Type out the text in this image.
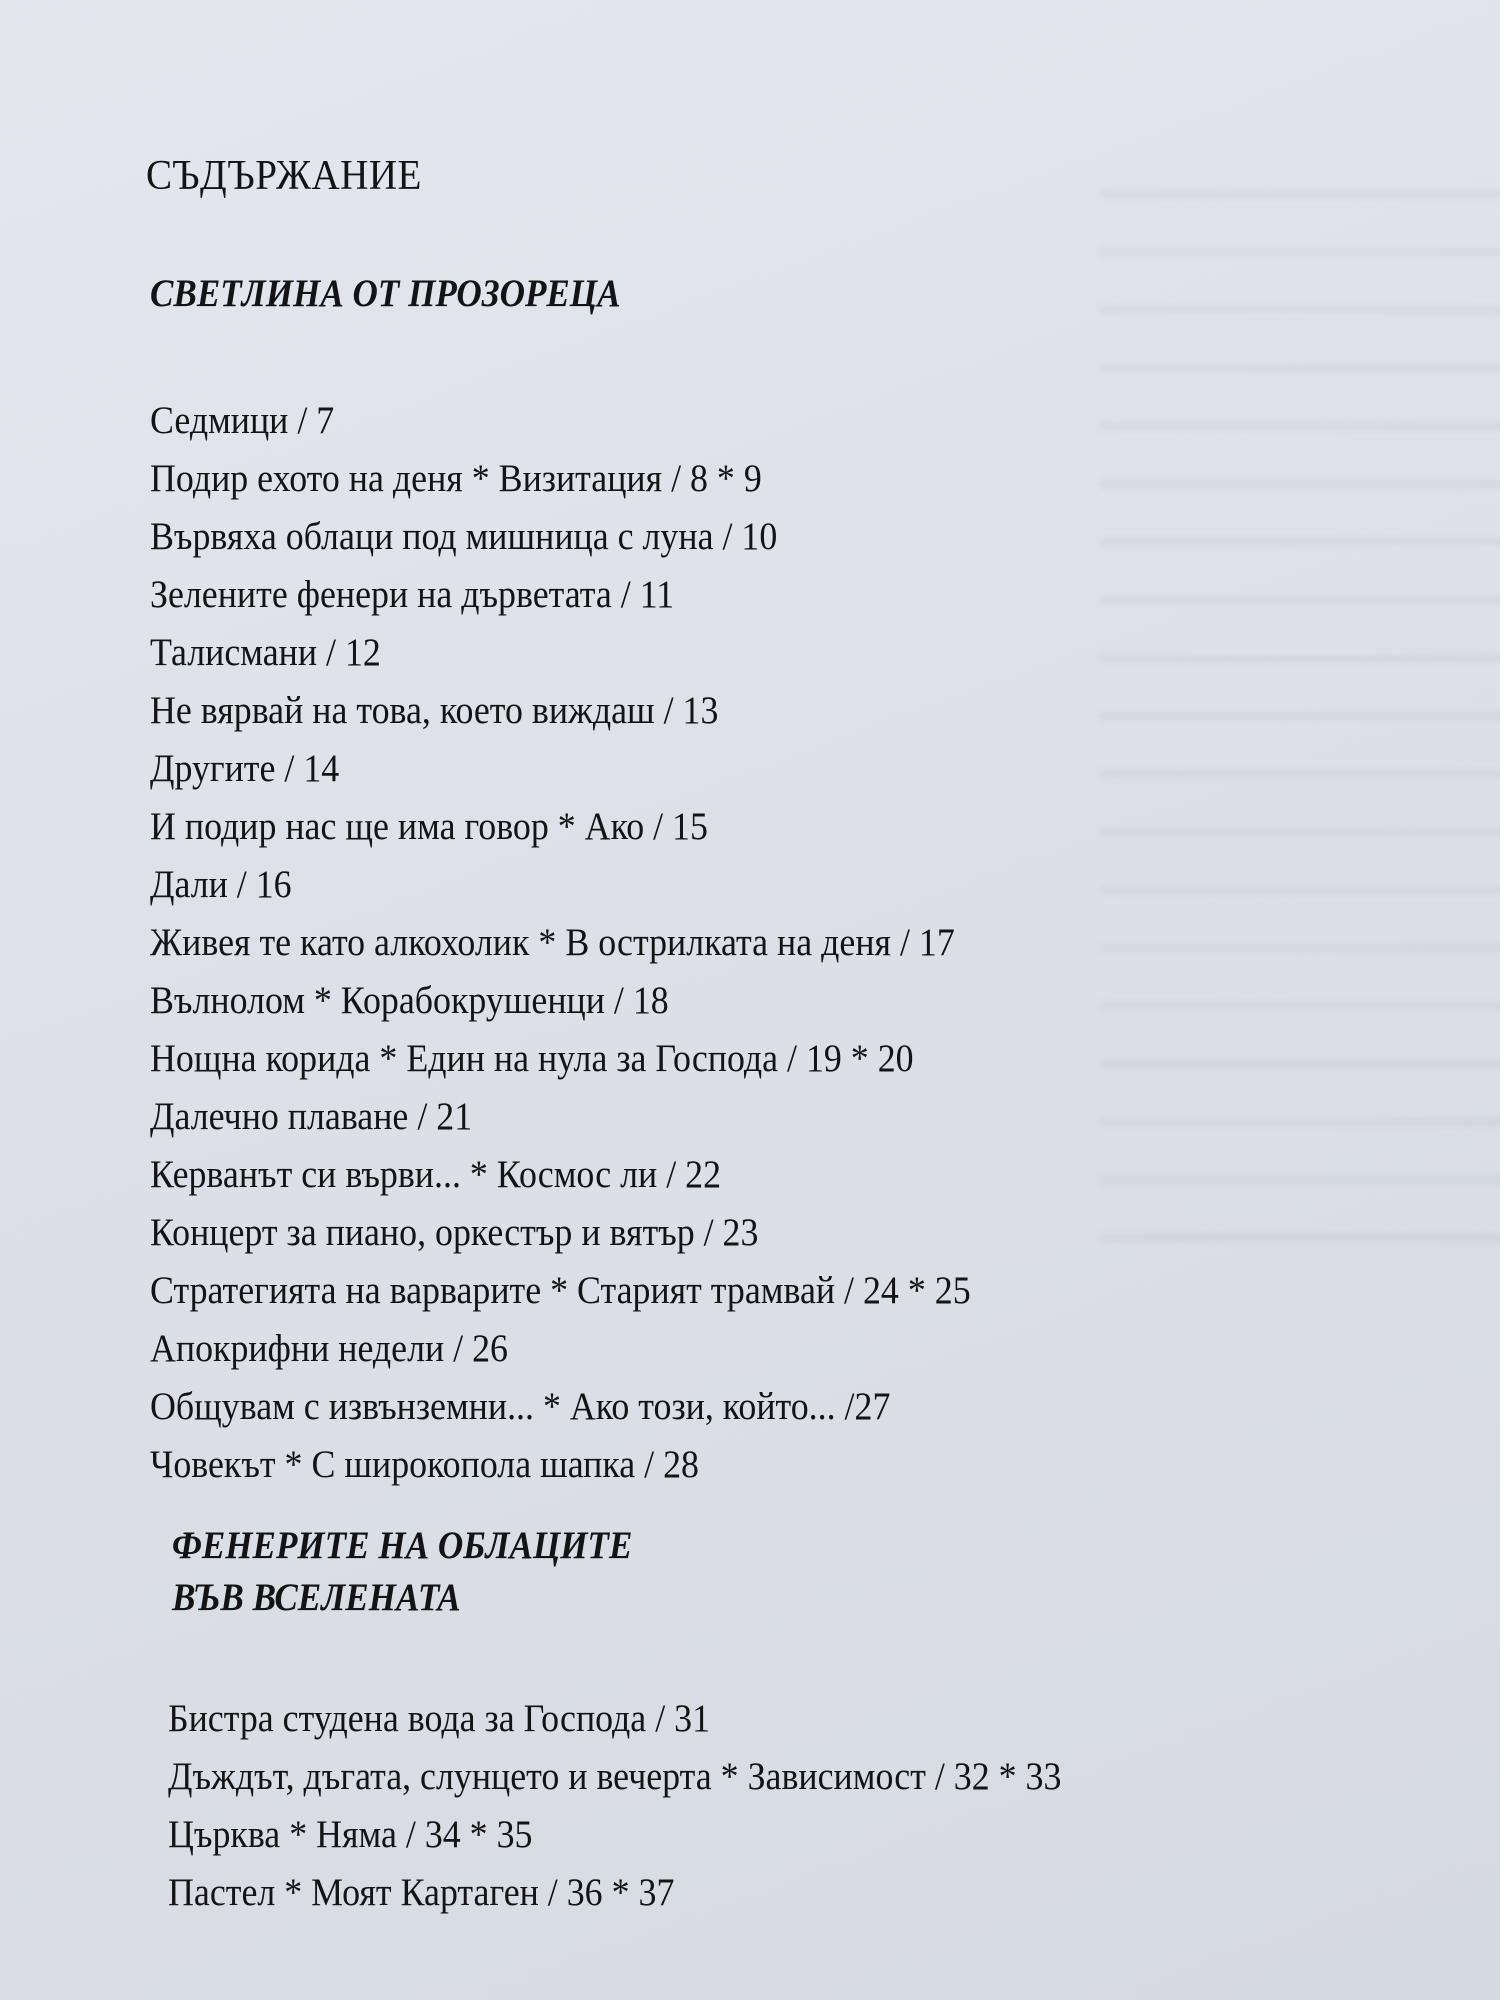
СЪДЪРЖАНИЕ
СВЕТЛИНА ОТ ПРОЗОРЕЦА
Седмици / 7
Подир ехото на деня * Визитация / 8 * 9
Вървяха облаци под мишница с луна / 10
Зелените фенери на дърветата / 11
Талисмани / 12
Не вярвай на това, което виждаш / 13
Другите / 14
И подир нас ще има говор * Ако / 15
Дали / 16
Живея те като алкохолик * В острилката на деня / 17
Вълнолом * Корабокрушенци / 18
Нощна корида * Един на нула за Господа / 19 * 20
Далечно плаване / 21
Керванът си върви... * Космос ли / 22
Концерт за пиано, оркестър и вятър / 23
Стратегията на варварите * Старият трамвай / 24 * 25
Апокрифни недели / 26
Общувам с извънземни... * Ако този, който... /27
Човекът * С широкопола шапка / 28
ФЕНЕРИТЕ НА ОБЛАЦИТЕ
ВЪВ ВСЕЛЕНАТА
Бистра студена вода за Господа / 31
Дъждът, дъгата, слунцето и вечерта * Зависимост / 32 * 33
Църква * Няма / 34 * 35
Пастел * Моят Картаген / 36 * 37
